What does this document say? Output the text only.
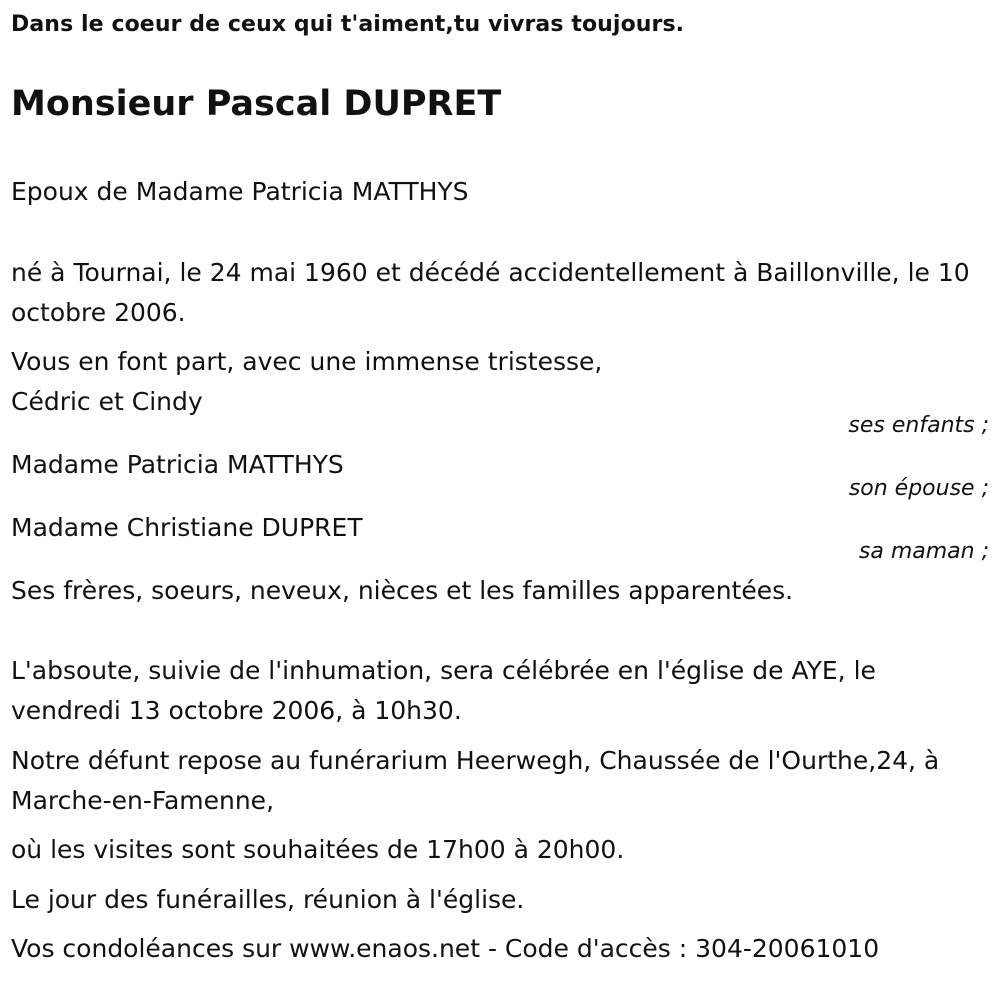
Dans le coeur de ceux qui t'aiment,tu vivras toujours.
Monsieur Pascal DUPRET
Epoux de Madame Patricia MATTHYS
né à Tournai, le 24 mai 1960 et décédé accidentellement à Baillonville, le 10 octobre 2006.
Vous en font part, avec une immense tristesse,
Cédric et Cindy
ses enfants ;
Madame Patricia MATTHYS
son épouse ;
Madame Christiane DUPRET
sa maman ;
Ses frères, soeurs, neveux, nièces et les familles apparentées.
L'absoute, suivie de l'inhumation, sera célébrée en l'église de AYE, le vendredi 13 octobre 2006, à 10h30.
Notre défunt repose au funérarium Heerwegh, Chaussée de l'Ourthe,24, à Marche-en-Famenne,
où les visites sont souhaitées de 17h00 à 20h00.
Le jour des funérailles, réunion à l'église.
Vos condoléances sur www.enaos.net - Code d'accès : 304-20061010
